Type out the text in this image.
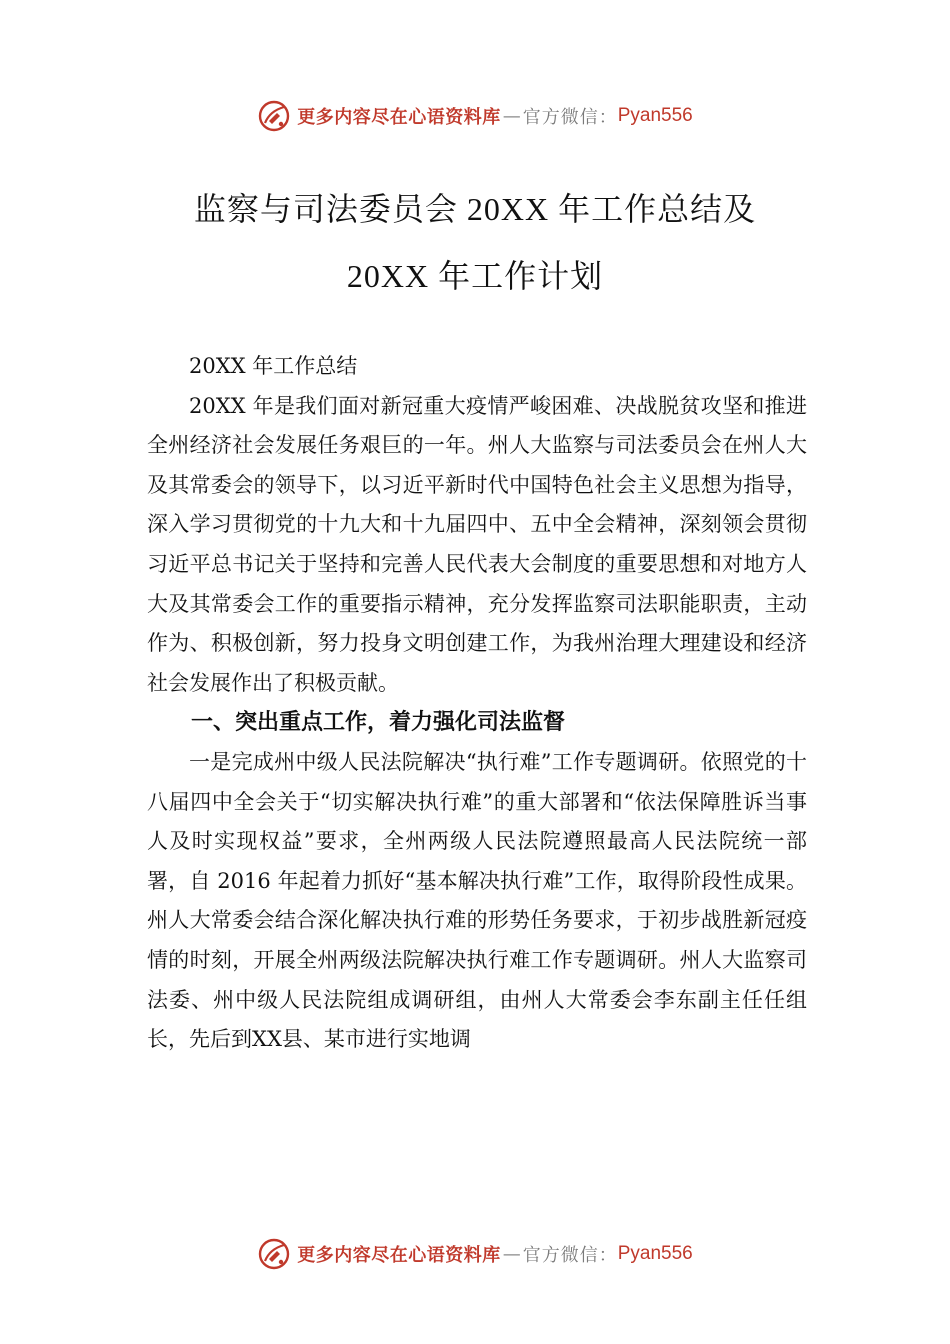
更多内容尽在心语资料库 — 官方微信： Pyan556
监察与司法委员会 20XX 年工作总结及
20XX 年工作计划

20XX 年工作总结

20XX 年是我们面对新冠重大疫情严峻困难、决战脱贫攻坚和推进全州经济社会发展任务艰巨的一年。州人大监察与司法委员会在州人大及其常委会的领导下，以习近平新时代中国特色社会主义思想为指导，深入学习贯彻党的十九大和十九届四中、五中全会精神，深刻领会贯彻习近平总书记关于坚持和完善人民代表大会制度的重要思想和对地方人大及其常委会工作的重要指示精神，充分发挥监察司法职能职责，主动作为、积极创新，努力投身文明创建工作，为我州治理大理建设和经济社会发展作出了积极贡献。

一、突出重点工作，着力强化司法监督

一是完成州中级人民法院解决“执行难”工作专题调研。依照党的十八届四中全会关于“切实解决执行难”的重大部署和“依法保障胜诉当事人及时实现权益”要求，全州两级人民法院遵照最高人民法院统一部署，自 2016 年起着力抓好“基本解决执行难”工作，取得阶段性成果。州人大常委会结合深化解决执行难的形势任务要求，于初步战胜新冠疫情的时刻，开展全州两级法院解决执行难工作专题调研。州人大监察司法委、州中级人民法院组成调研组，由州人大常委会李东副主任任组长，先后到XX县、某市进行实地调

更多内容尽在心语资料库 — 官方微信： Pyan556
